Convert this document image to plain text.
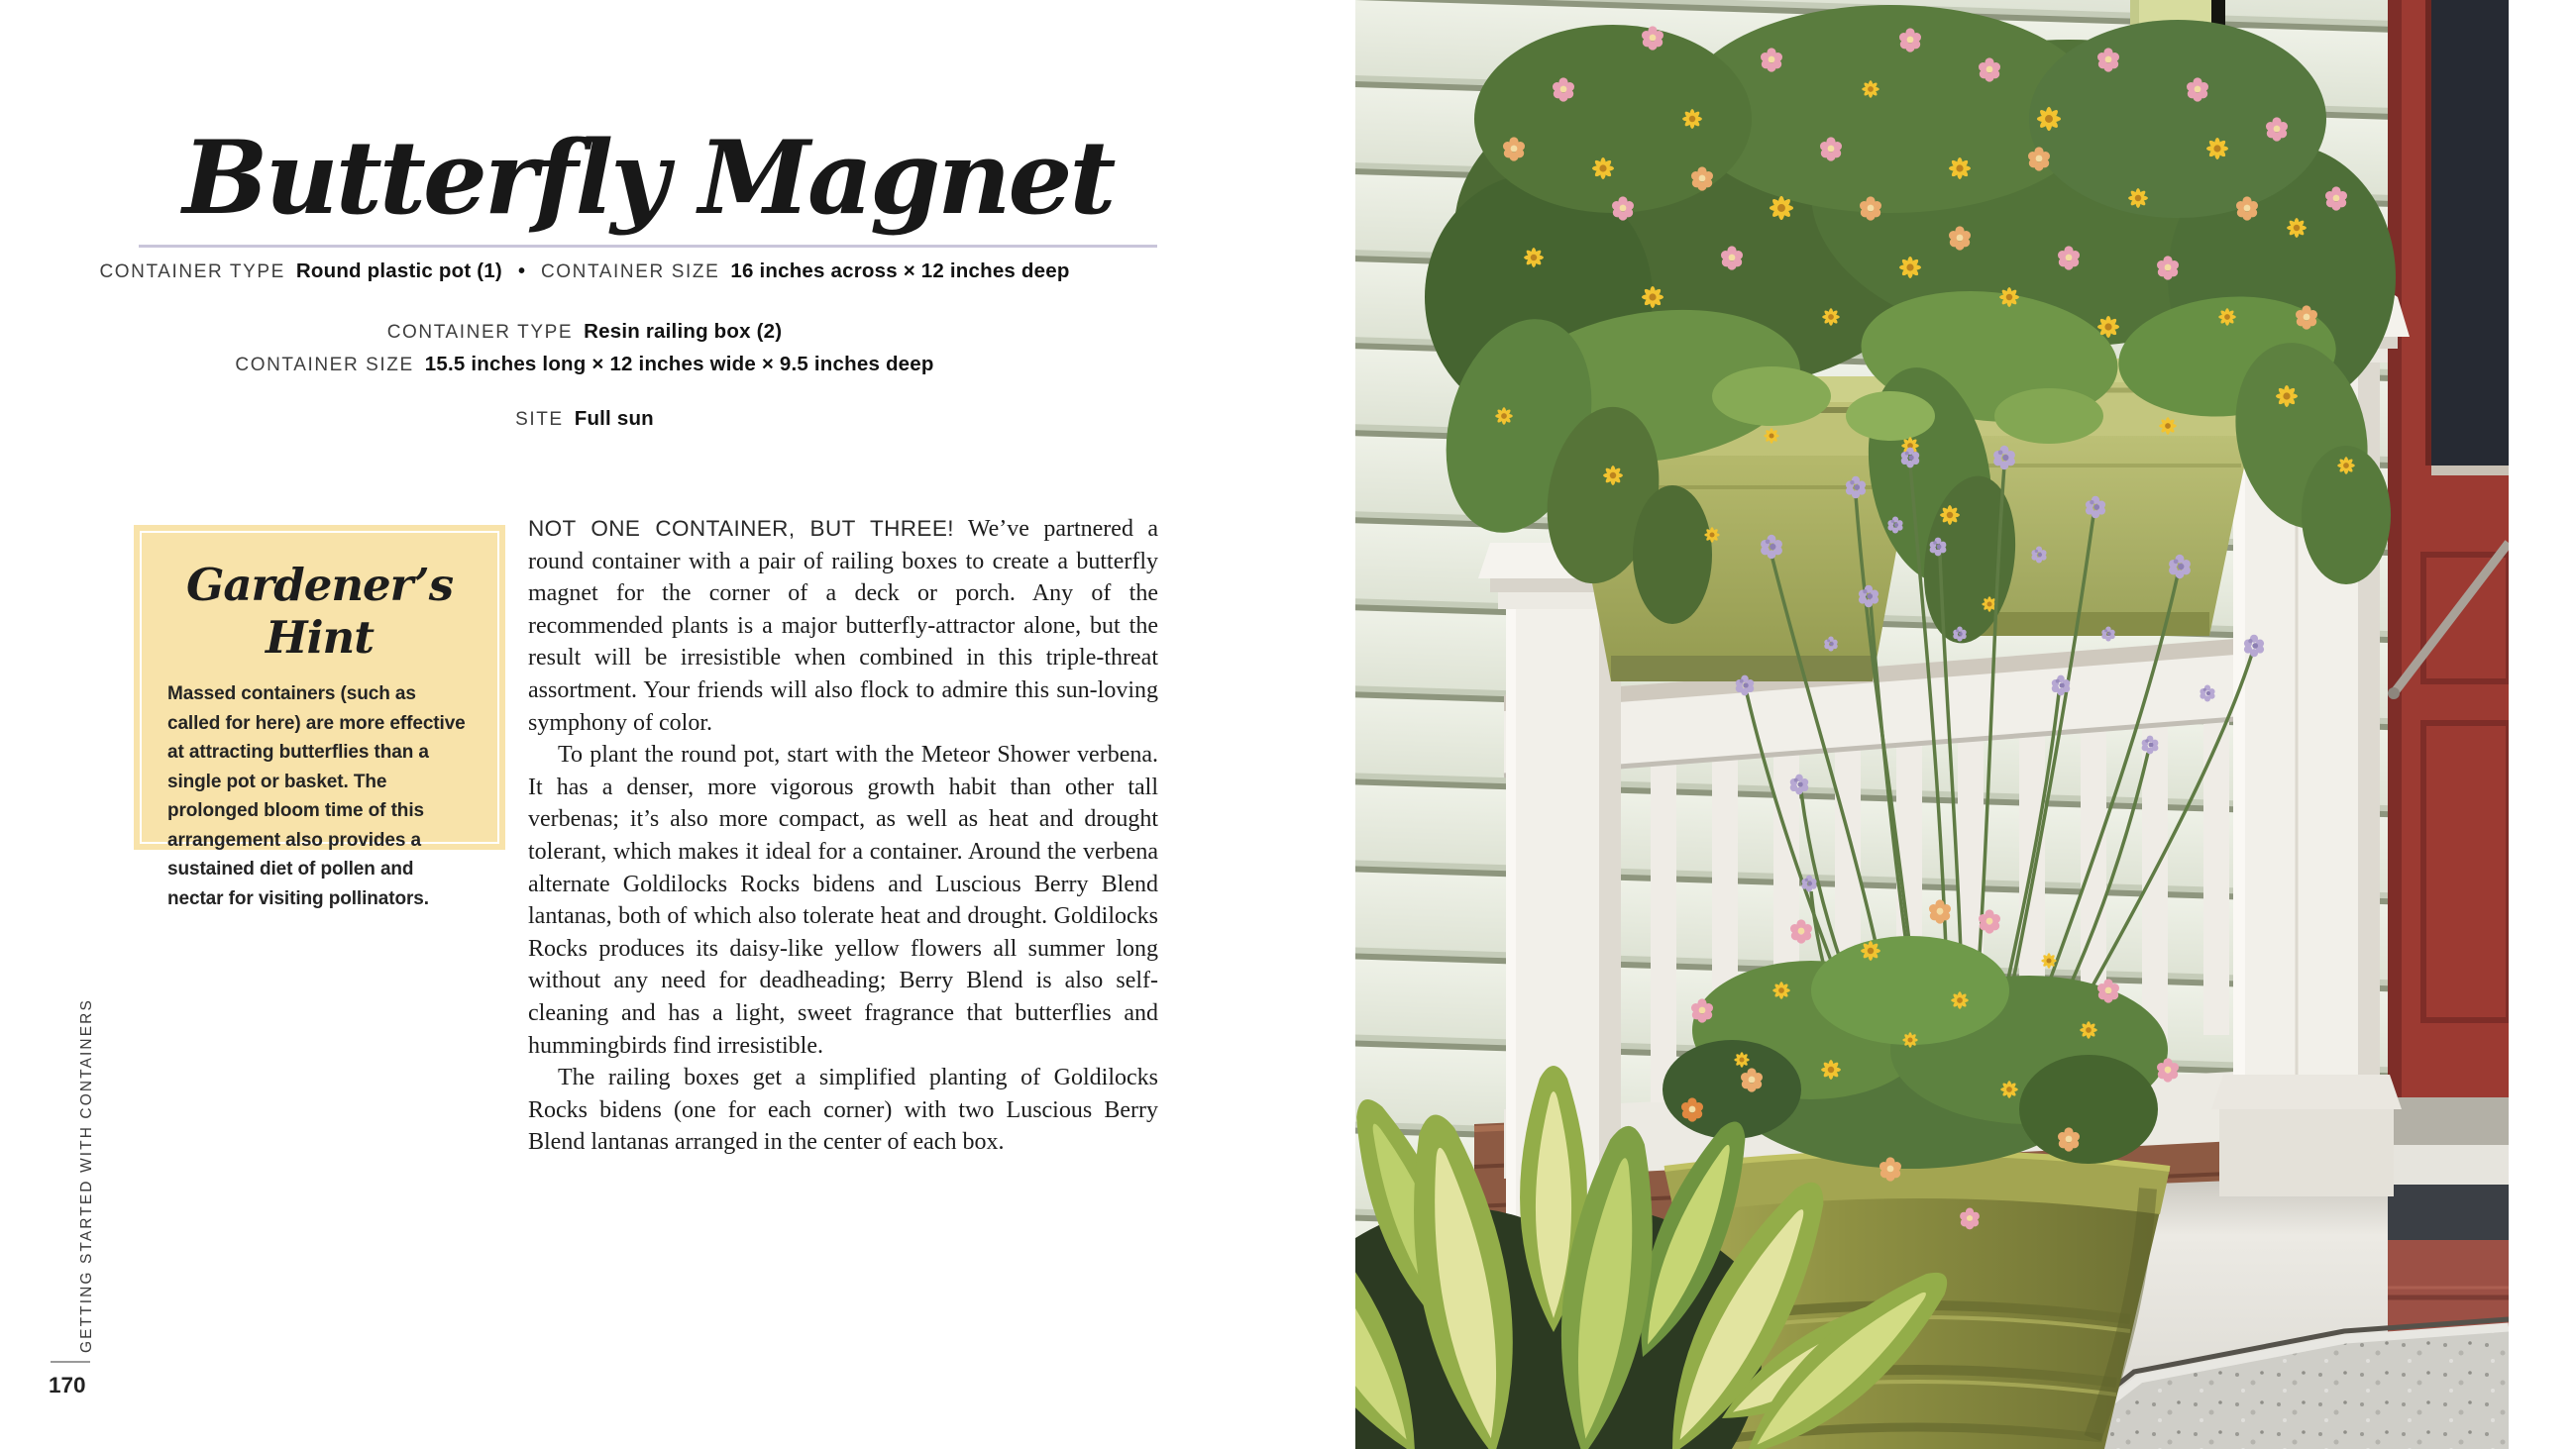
Butterfly Magnet
CONTAINER TYPE Round plastic pot (1) • CONTAINER SIZE 16 inches across × 12 inches deep
CONTAINER TYPE Resin railing box (2)
CONTAINER SIZE 15.5 inches long × 12 inches wide × 9.5 inches deep
SITE Full sun
Gardener’s Hint
Massed containers (such as called for here) are more effective at attracting butterflies than a single pot or basket. The prolonged bloom time of this arrangement also provides a sustained diet of pollen and nectar for visiting pollinators.

NOT ONE CONTAINER, BUT THREE! We’ve partnered a round container with a pair of railing boxes to create a butterfly magnet for the corner of a deck or porch. Any of the recommended plants is a major butterfly-attractor alone, but the result will be irresistible when combined in this triple-threat assortment. Your friends will also flock to admire this sun-loving symphony of color.

To plant the round pot, start with the Meteor Shower verbena. It has a denser, more vigorous growth habit than other tall verbenas; it’s also more compact, as well as heat and drought tolerant, which makes it ideal for a container. Around the verbena alternate Goldilocks Rocks bidens and Luscious Berry Blend lantanas, both of which also tolerate heat and drought. Goldilocks Rocks produces its daisy-like yellow flowers all summer long without any need for deadheading; Berry Blend is also self-cleaning and has a light, sweet fragrance that butterflies and hummingbirds find irresistible.

The railing boxes get a simplified planting of Goldilocks Rocks bidens (one for each corner) with two Luscious Berry Blend lantanas arranged in the center of each box.

GETTING STARTED WITH CONTAINERS
170
